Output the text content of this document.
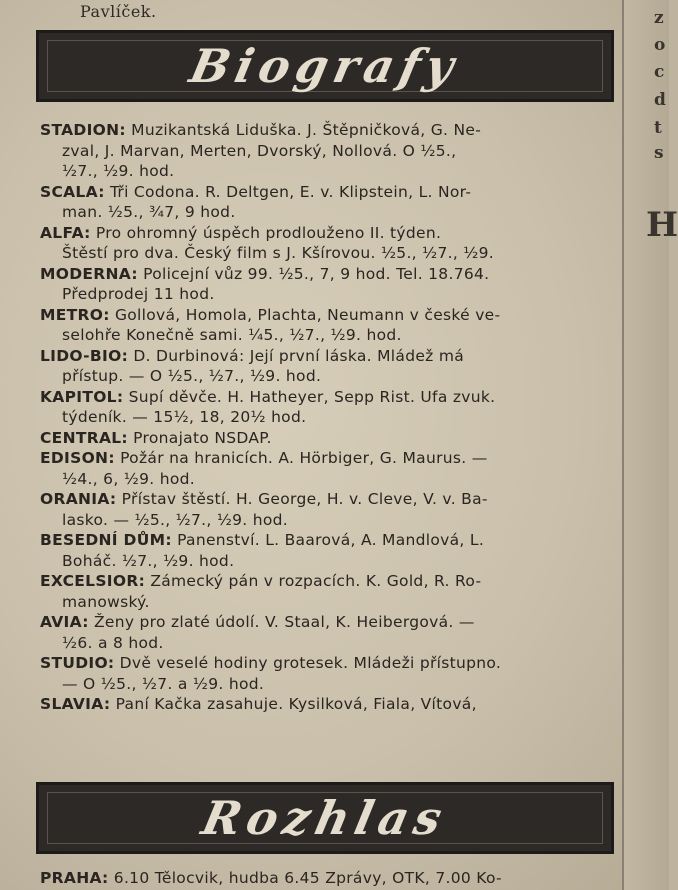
z
o
c
d
t
s
H
Pavlíček.
Biografy

STADION: Muzikantská Liduška. J. Štěpničková, G. Ne-
zval, J. Marvan, Merten, Dvorský, Nollová. O ½5.,
½7., ½9. hod.

SCALA: Tři Codona. R. Deltgen, E. v. Klipstein, L. Nor-
man. ½5., ¾7, 9 hod.

ALFA: Pro ohromný úspěch prodlouženo II. týden.
Štěstí pro dva. Český film s J. Kšírovou. ½5., ½7., ½9.

MODERNA: Policejní vůz 99. ½5., 7, 9 hod. Tel. 18.764.
Předprodej 11 hod.

METRO: Gollová, Homola, Plachta, Neumann v české ve-
selohře Konečně sami. ¼5., ½7., ½9. hod.

LIDO-BIO: D. Durbinová: Její první láska. Mládež má
přístup. — O ½5., ½7., ½9. hod.

KAPITOL: Supí děvče. H. Hatheyer, Sepp Rist. Ufa zvuk.
týdeník. — 15½, 18, 20½ hod.

CENTRAL: Pronajato NSDAP.

EDISON: Požár na hranicích. A. Hörbiger, G. Maurus. —
½4., 6, ½9. hod.

ORANIA: Přístav štěstí. H. George, H. v. Cleve, V. v. Ba-
lasko. — ½5., ½7., ½9. hod.

BESEDNÍ DŮM: Panenství. L. Baarová, A. Mandlová, L.
Boháč. ½7., ½9. hod.

EXCELSIOR: Zámecký pán v rozpacích. K. Gold, R. Ro-
manowský.

AVIA: Ženy pro zlaté údolí. V. Staal, K. Heibergová. —
½6. a 8 hod.

STUDIO: Dvě veselé hodiny grotesek. Mládeži přístupno.
— O ½5., ½7. a ½9. hod.

SLAVIA: Paní Kačka zasahuje. Kysilková, Fiala, Vítová,

Rozhlas
PRAHA: 6.10 Tělocvik, hudba 6.45 Zprávy, OTK, 7.00 Ko-
